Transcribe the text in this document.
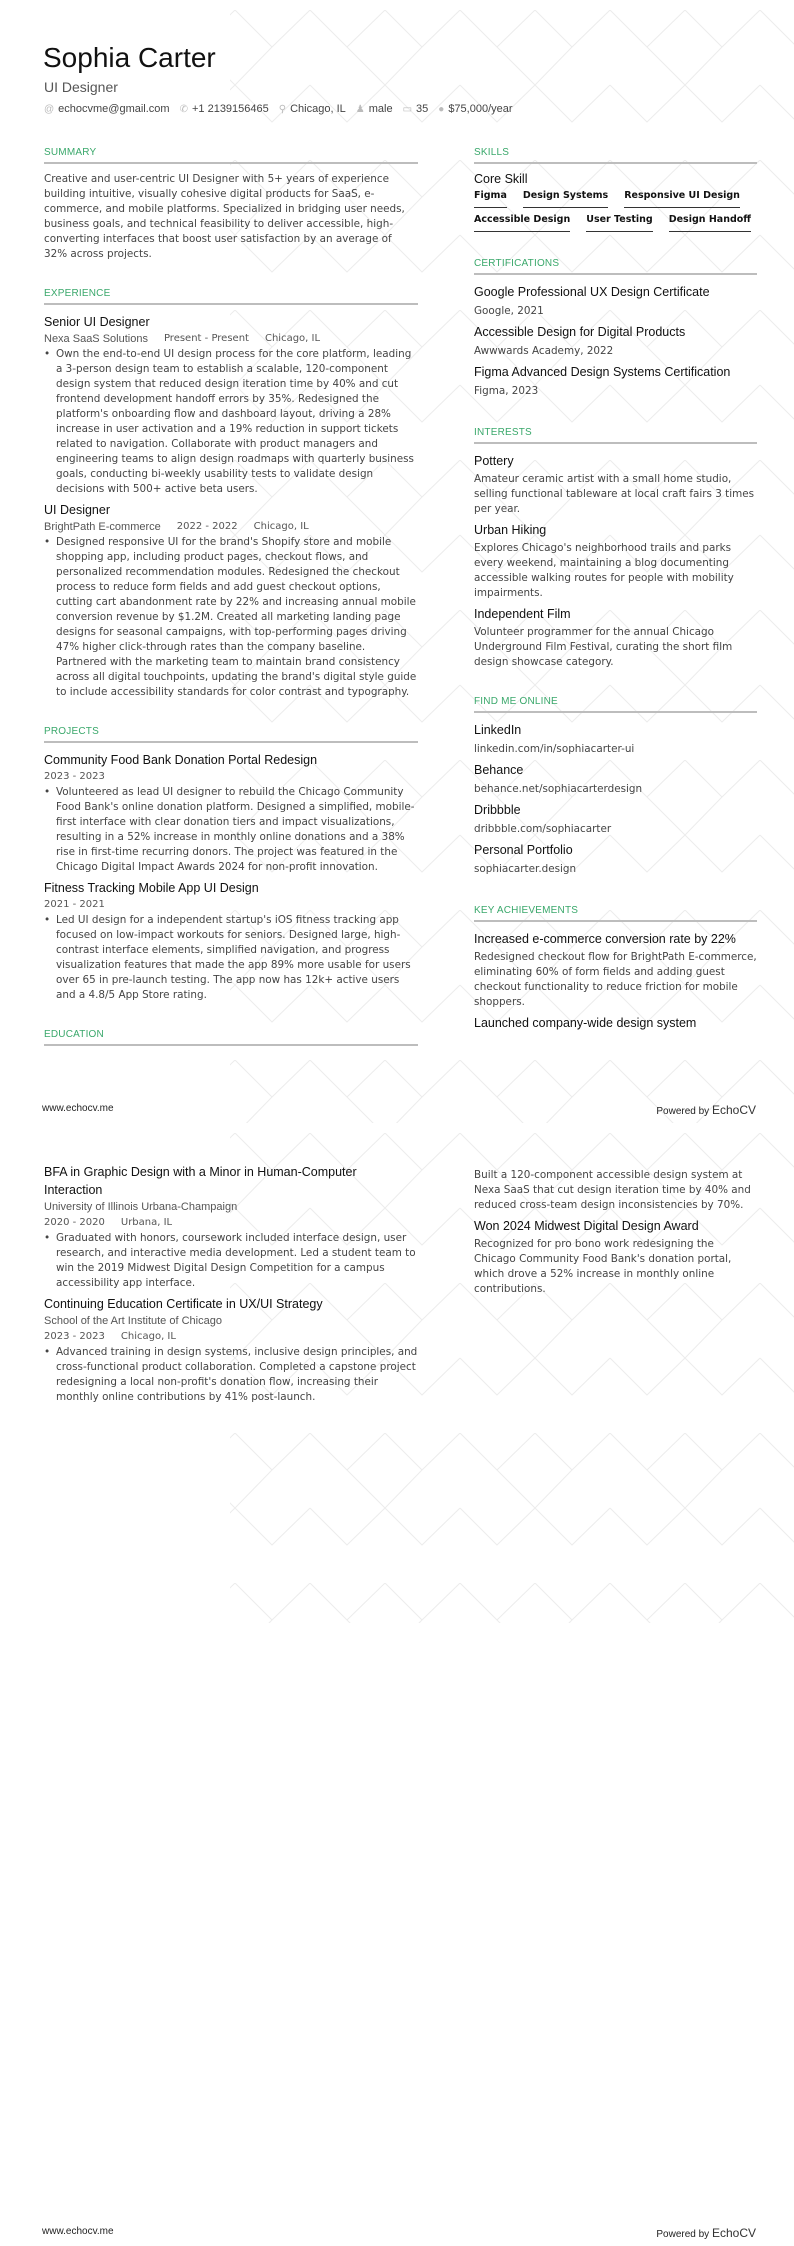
Sophia Carter
UI Designer
@ echocvme@gmail.com ✆ +1 2139156465 ⚲ Chicago, IL ♟ male ▭ 35 ● $75,000/year
SUMMARY
Creative and user-centric UI Designer with 5+ years of experience building intuitive, visually cohesive digital products for SaaS, e-commerce, and mobile platforms. Specialized in bridging user needs, business goals, and technical feasibility to deliver accessible, high-converting interfaces that boost user satisfaction by an average of 32% across projects.
EXPERIENCE
Senior UI Designer
Nexa SaaS Solutions Present - Present Chicago, IL
• Own the end-to-end UI design process for the core platform, leading a 3-person design team to establish a scalable, 120-component design system that reduced design iteration time by 40% and cut frontend development handoff errors by 35%. Redesigned the platform's onboarding flow and dashboard layout, driving a 28% increase in user activation and a 19% reduction in support tickets related to navigation. Collaborate with product managers and engineering teams to align design roadmaps with quarterly business goals, conducting bi-weekly usability tests to validate design decisions with 500+ active beta users.
UI Designer
BrightPath E-commerce 2022 - 2022 Chicago, IL
• Designed responsive UI for the brand's Shopify store and mobile shopping app, including product pages, checkout flows, and personalized recommendation modules. Redesigned the checkout process to reduce form fields and add guest checkout options, cutting cart abandonment rate by 22% and increasing annual mobile conversion revenue by $1.2M. Created all marketing landing page designs for seasonal campaigns, with top-performing pages driving 47% higher click-through rates than the company baseline. Partnered with the marketing team to maintain brand consistency across all digital touchpoints, updating the brand's digital style guide to include accessibility standards for color contrast and typography.
PROJECTS
Community Food Bank Donation Portal Redesign
2023 - 2023
• Volunteered as lead UI designer to rebuild the Chicago Community Food Bank's online donation platform. Designed a simplified, mobile-first interface with clear donation tiers and impact visualizations, resulting in a 52% increase in monthly online donations and a 38% rise in first-time recurring donors. The project was featured in the Chicago Digital Impact Awards 2024 for non-profit innovation.
Fitness Tracking Mobile App UI Design
2021 - 2021
• Led UI design for a independent startup's iOS fitness tracking app focused on low-impact workouts for seniors. Designed large, high-contrast interface elements, simplified navigation, and progress visualization features that made the app 89% more usable for users over 65 in pre-launch testing. The app now has 12k+ active users and a 4.8/5 App Store rating.
EDUCATION
SKILLS
Core Skill
Figma Design Systems Responsive UI Design
Accessible Design User Testing Design Handoff
CERTIFICATIONS
Google Professional UX Design Certificate
Google, 2021
Accessible Design for Digital Products
Awwwards Academy, 2022
Figma Advanced Design Systems Certification
Figma, 2023
INTERESTS
Pottery
Amateur ceramic artist with a small home studio, selling functional tableware at local craft fairs 3 times per year.
Urban Hiking
Explores Chicago's neighborhood trails and parks every weekend, maintaining a blog documenting accessible walking routes for people with mobility impairments.
Independent Film
Volunteer programmer for the annual Chicago Underground Film Festival, curating the short film design showcase category.
FIND ME ONLINE
LinkedIn
linkedin.com/in/sophiacarter-ui
Behance
behance.net/sophiacarterdesign
Dribbble
dribbble.com/sophiacarter
Personal Portfolio
sophiacarter.design
KEY ACHIEVEMENTS
Increased e-commerce conversion rate by 22%
Redesigned checkout flow for BrightPath E-commerce, eliminating 60% of form fields and adding guest checkout functionality to reduce friction for mobile shoppers.
Launched company-wide design system
www.echocv.me	Powered by EchoCV
BFA in Graphic Design with a Minor in Human-Computer Interaction
University of Illinois Urbana-Champaign
2020 - 2020 Urbana, IL
• Graduated with honors, coursework included interface design, user research, and interactive media development. Led a student team to win the 2019 Midwest Digital Design Competition for a campus accessibility app interface.
Continuing Education Certificate in UX/UI Strategy
School of the Art Institute of Chicago
2023 - 2023 Chicago, IL
• Advanced training in design systems, inclusive design principles, and cross-functional product collaboration. Completed a capstone project redesigning a local non-profit's donation flow, increasing their monthly online contributions by 41% post-launch.
Built a 120-component accessible design system at Nexa SaaS that cut design iteration time by 40% and reduced cross-team design inconsistencies by 70%.
Won 2024 Midwest Digital Design Award
Recognized for pro bono work redesigning the Chicago Community Food Bank's donation portal, which drove a 52% increase in monthly online contributions.
www.echocv.me	Powered by EchoCV
